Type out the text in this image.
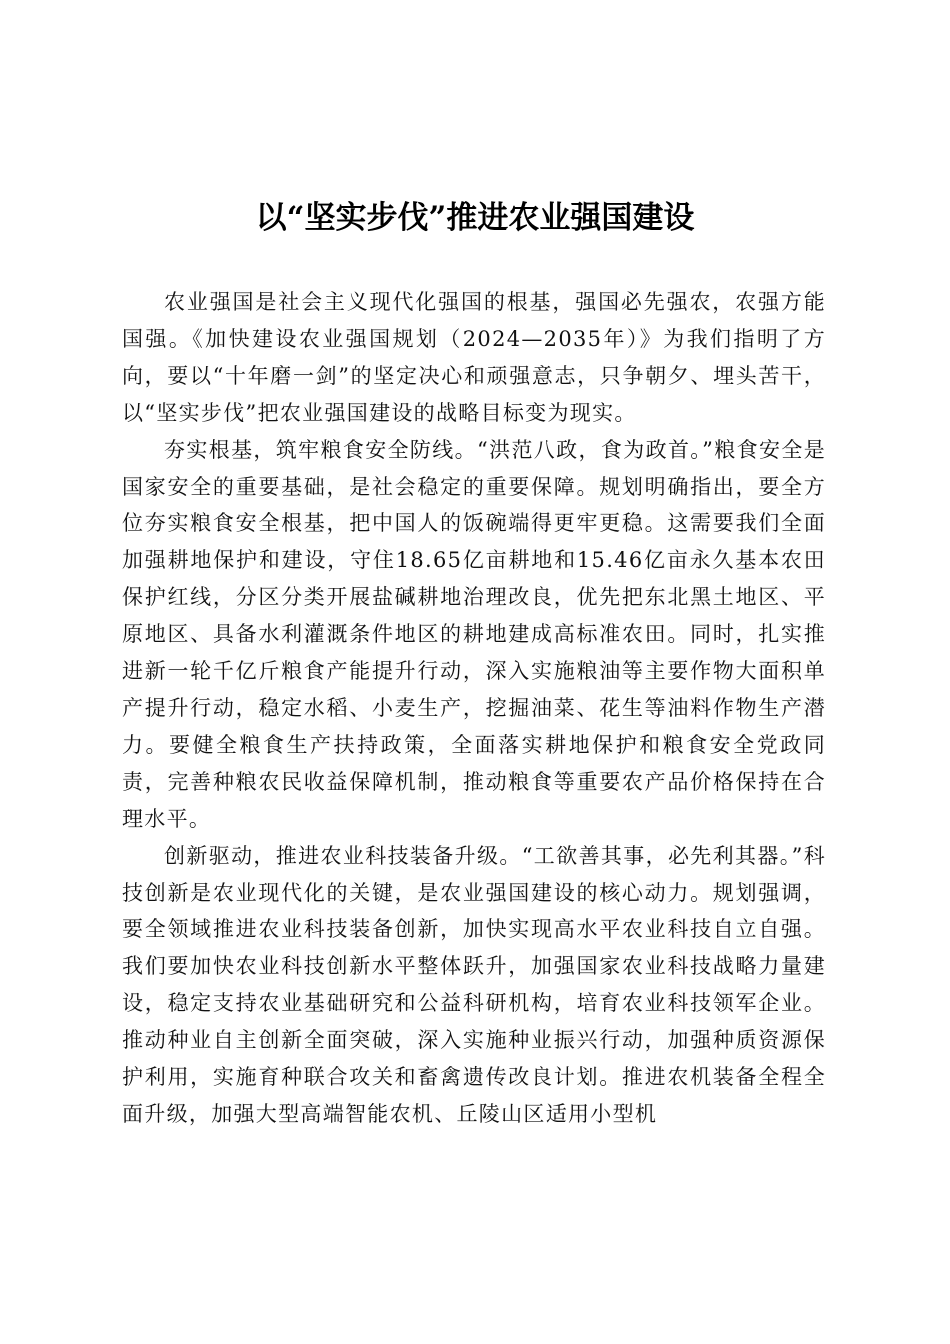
以“坚实步伐”推进农业强国建设

农业强国是社会主义现代化强国的根基，强国必先强农，农强方能国强。《加快建设农业强国规划（2024—2035年）》为我们指明了方向，要以“十年磨一剑”的坚定决心和顽强意志，只争朝夕、埋头苦干，以“坚实步伐”把农业强国建设的战略目标变为现实。

夯实根基，筑牢粮食安全防线。“洪范八政，食为政首。”粮食安全是国家安全的重要基础，是社会稳定的重要保障。规划明确指出，要全方位夯实粮食安全根基，把中国人的饭碗端得更牢更稳。这需要我们全面加强耕地保护和建设，守住18.65亿亩耕地和15.46亿亩永久基本农田保护红线，分区分类开展盐碱耕地治理改良，优先把东北黑土地区、平原地区、具备水利灌溉条件地区的耕地建成高标准农田。同时，扎实推进新一轮千亿斤粮食产能提升行动，深入实施粮油等主要作物大面积单产提升行动，稳定水稻、小麦生产，挖掘油菜、花生等油料作物生产潜力。要健全粮食生产扶持政策，全面落实耕地保护和粮食安全党政同责，完善种粮农民收益保障机制，推动粮食等重要农产品价格保持在合理水平。

创新驱动，推进农业科技装备升级。“工欲善其事，必先利其器。”科技创新是农业现代化的关键，是农业强国建设的核心动力。规划强调，要全领域推进农业科技装备创新，加快实现高水平农业科技自立自强。我们要加快农业科技创新水平整体跃升，加强国家农业科技战略力量建设，稳定支持农业基础研究和公益科研机构，培育农业科技领军企业。推动种业自主创新全面突破，深入实施种业振兴行动，加强种质资源保护利用，实施育种联合攻关和畜禽遗传改良计划。推进农机装备全程全面升级，加强大型高端智能农机、丘陵山区适用小型机
